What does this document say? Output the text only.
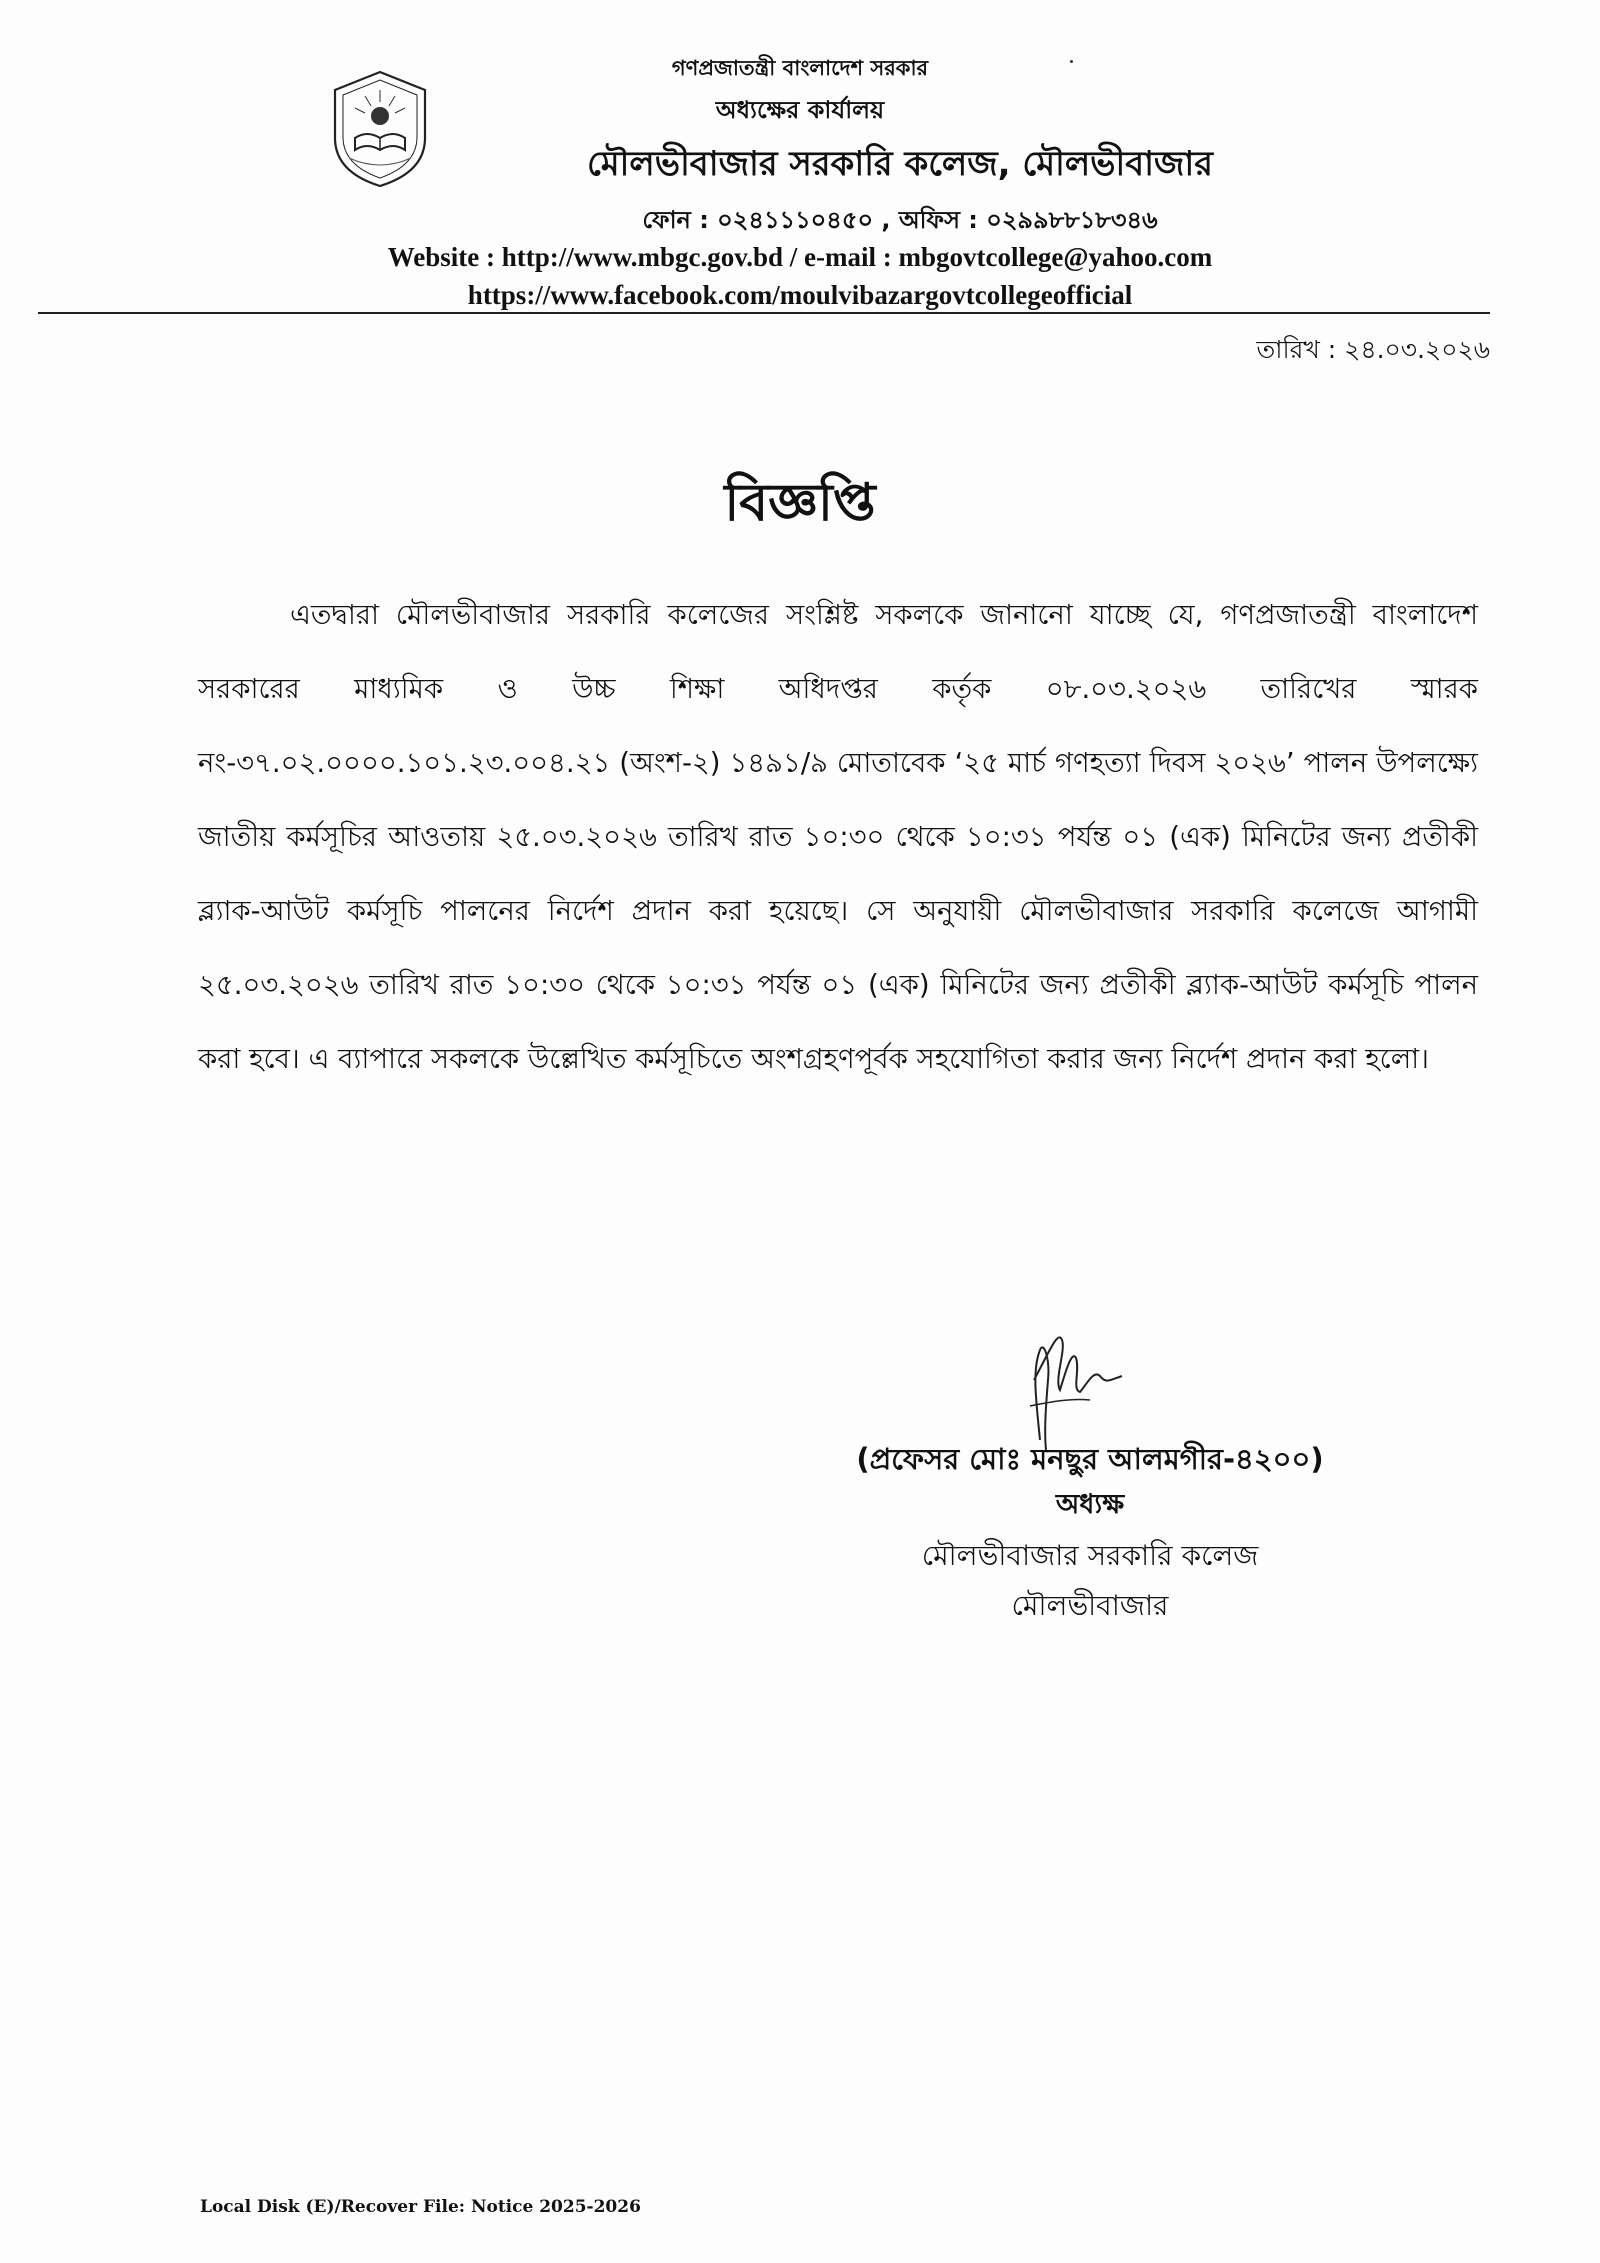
গণপ্রজাতন্ত্রী বাংলাদেশ সরকার
অধ্যক্ষের কার্যালয়
মৌলভীবাজার সরকারি কলেজ, মৌলভীবাজার
ফোন : ০২৪১১১০৪৫০ , অফিস : ০২৯৯৮৮১৮৩৪৬
Website : http://www.mbgc.gov.bd / e-mail : mbgovtcollege@yahoo.com
https://www.facebook.com/moulvibazargovtcollegeofficial
তারিখ : ২৪.০৩.২০২৬
বিজ্ঞপ্তি

এতদ্বারা মৌলভীবাজার সরকারি কলেজের সংশ্লিষ্ট সকলকে জানানো যাচ্ছে যে, গণপ্রজাতন্ত্রী বাংলাদেশ সরকারের মাধ্যমিক ও উচ্চ শিক্ষা অধিদপ্তর কর্তৃক ০৮.০৩.২০২৬ তারিখের স্মারক নং-৩৭.০২.০০০০.১০১.২৩.০০৪.২১ (অংশ-২) ১৪৯১/৯ মোতাবেক ‘২৫ মার্চ গণহত্যা দিবস ২০২৬’ পালন উপলক্ষ্যে জাতীয় কর্মসূচির আওতায় ২৫.০৩.২০২৬ তারিখ রাত ১০:৩০ থেকে ১০:৩১ পর্যন্ত ০১ (এক) মিনিটের জন্য প্রতীকী ব্ল্যাক-আউট কর্মসূচি পালনের নির্দেশ প্রদান করা হয়েছে। সে অনুযায়ী মৌলভীবাজার সরকারি কলেজে আগামী ২৫.০৩.২০২৬ তারিখ রাত ১০:৩০ থেকে ১০:৩১ পর্যন্ত ০১ (এক) মিনিটের জন্য প্রতীকী ব্ল্যাক-আউট কর্মসূচি পালন করা হবে। এ ব্যাপারে সকলকে উল্লেখিত কর্মসূচিতে অংশগ্রহণপূর্বক সহযোগিতা করার জন্য নির্দেশ প্রদান করা হলো।

(প্রফেসর মোঃ মনছুর আলমগীর-৪২০০)
অধ্যক্ষ
মৌলভীবাজার সরকারি কলেজ
মৌলভীবাজার
Local Disk (E)/Recover File: Notice 2025-2026
